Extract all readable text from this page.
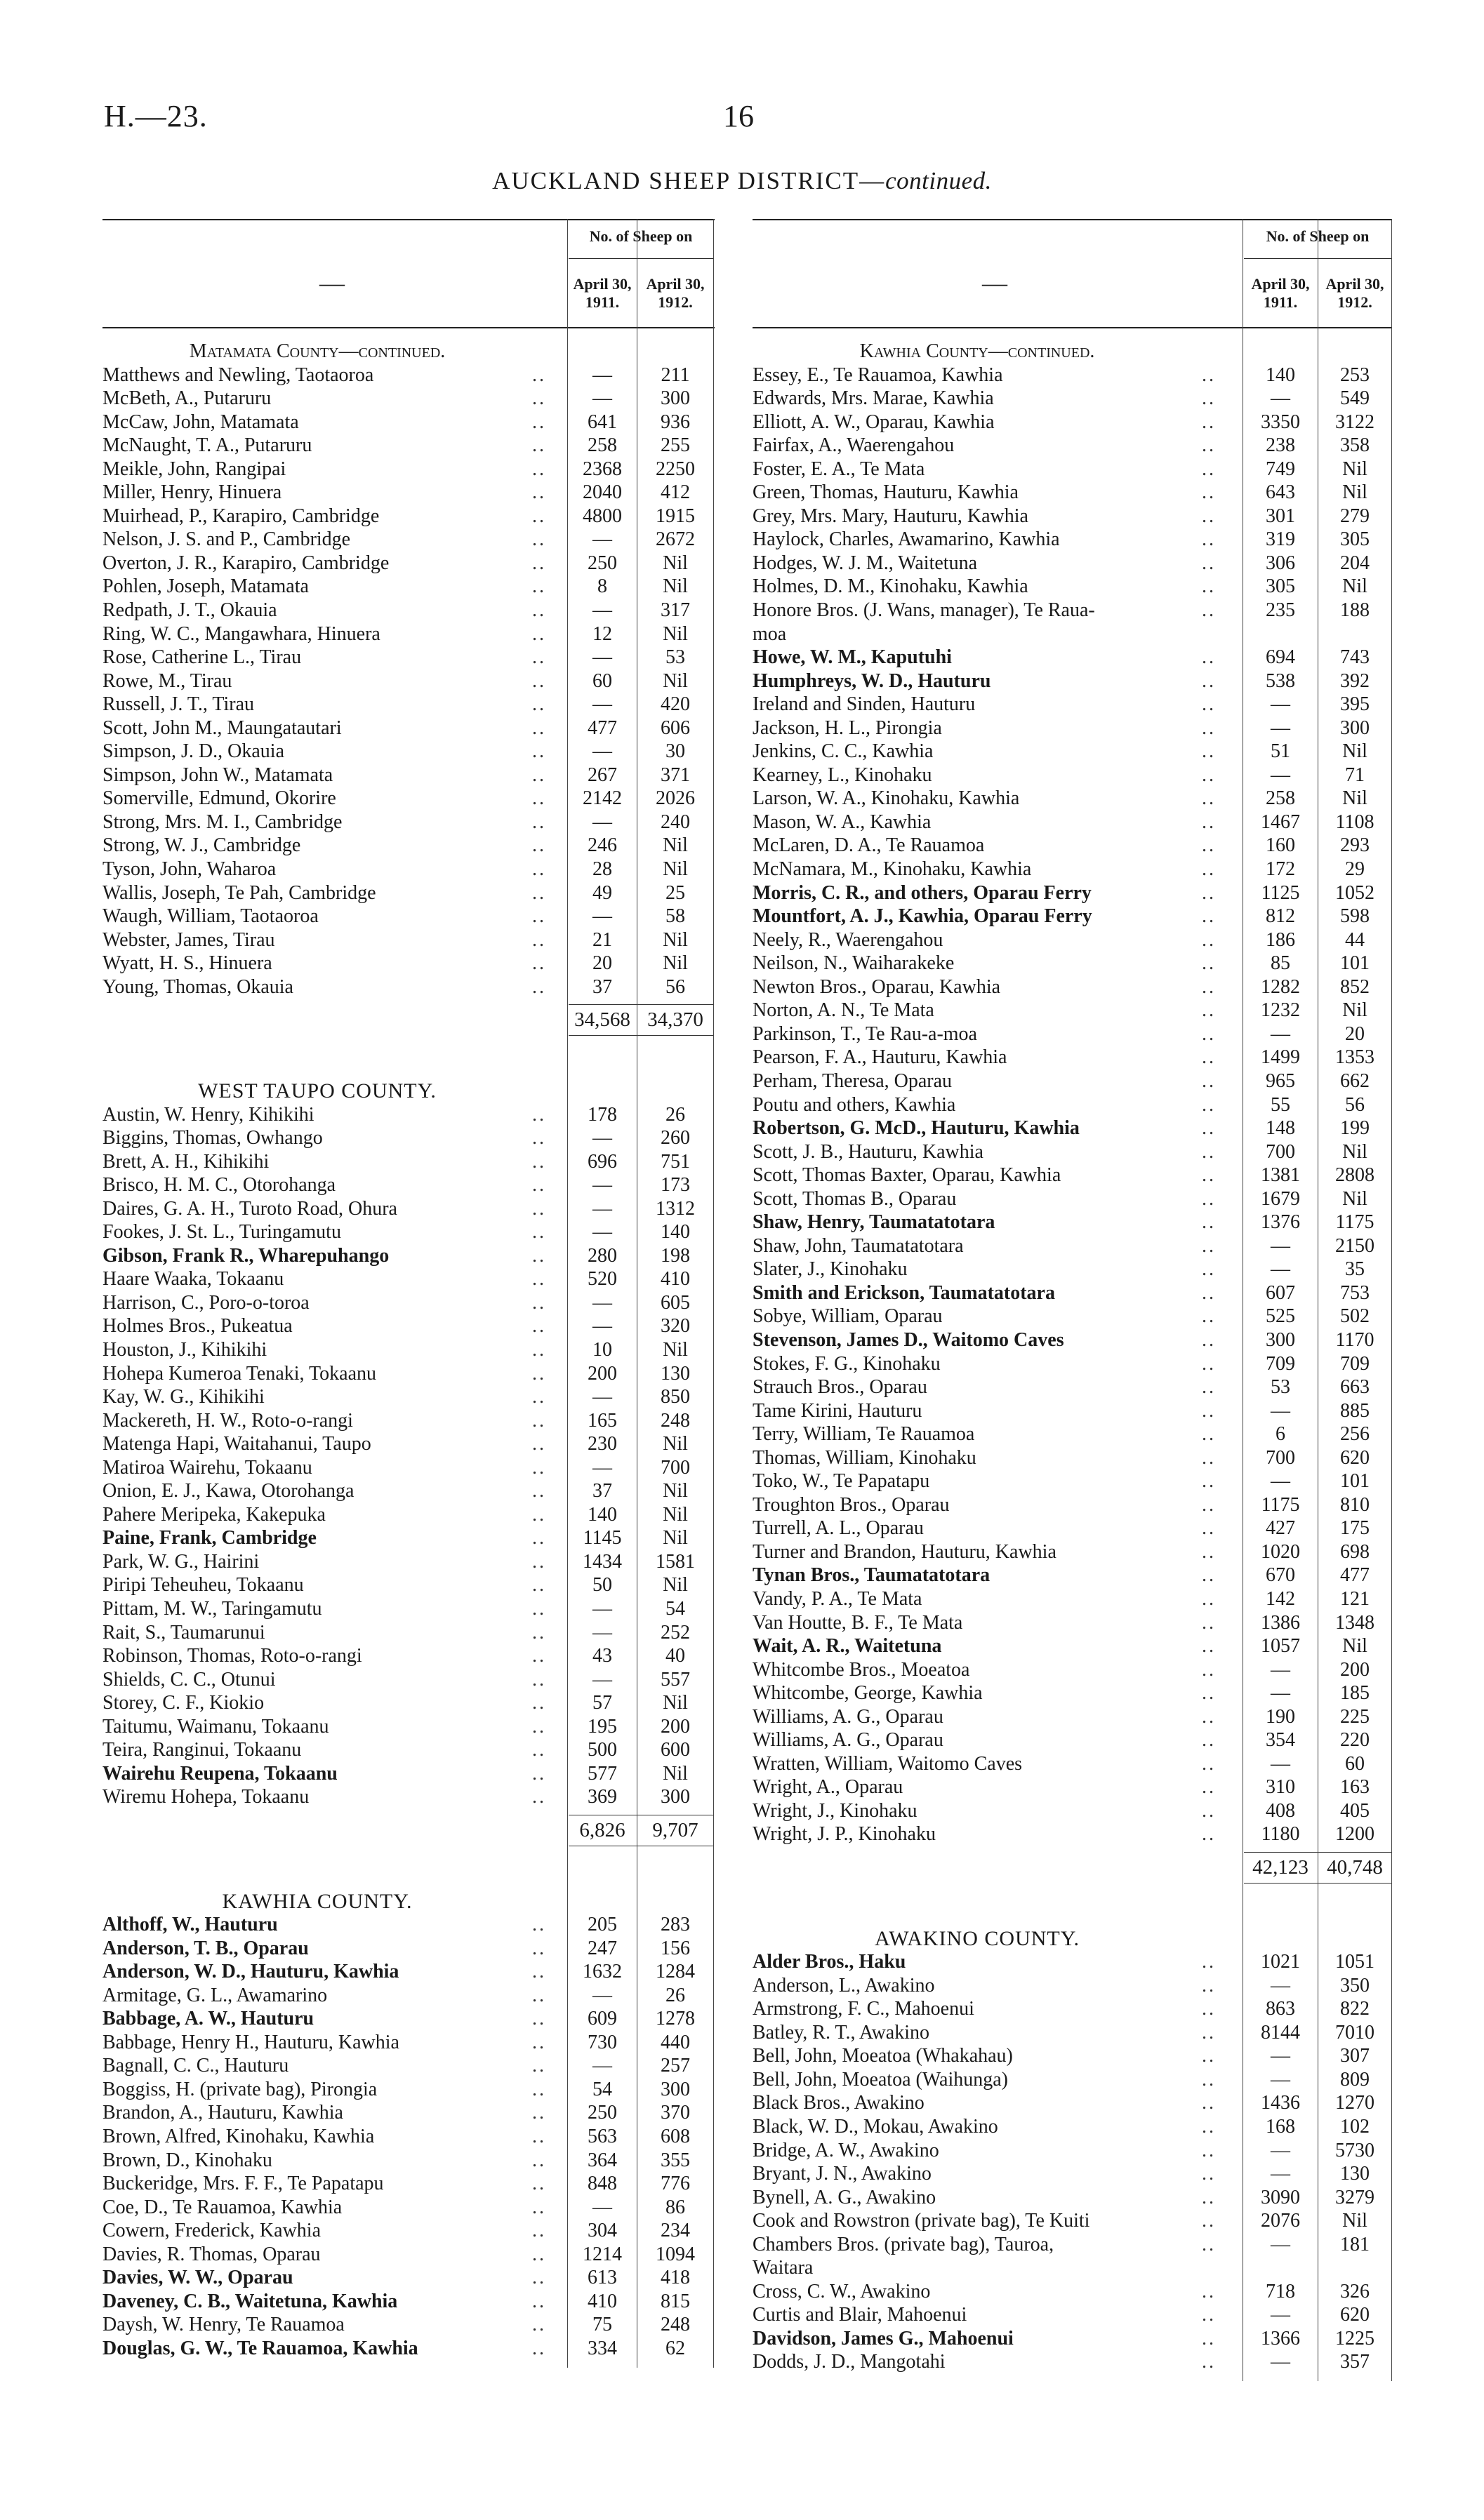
H.—23.	16
AUCKLAND SHEEP DISTRICT—continued.
—
No. of Sheep on
April 30, 1911.
April 30, 1912.
Matamata County—continued.
Matthews and Newling, Taotaoroa	..	—	211
McBeth, A., Putaruru	..	—	300
McCaw, John, Matamata	..	641	936
McNaught, T. A., Putaruru	..	258	255
Meikle, John, Rangipai	..	2368	2250
Miller, Henry, Hinuera	..	2040	412
Muirhead, P., Karapiro, Cambridge	..	4800	1915
Nelson, J. S. and P., Cambridge	..	—	2672
Overton, J. R., Karapiro, Cambridge	..	250	Nil
Pohlen, Joseph, Matamata	..	8	Nil
Redpath, J. T., Okauia	..	—	317
Ring, W. C., Mangawhara, Hinuera	..	12	Nil
Rose, Catherine L., Tirau	..	—	53
Rowe, M., Tirau	..	60	Nil
Russell, J. T., Tirau	..	—	420
Scott, John M., Maungatautari	..	477	606
Simpson, J. D., Okauia	..	—	30
Simpson, John W., Matamata	..	267	371
Somerville, Edmund, Okorire	..	2142	2026
Strong, Mrs. M. I., Cambridge	..	—	240
Strong, W. J., Cambridge	..	246	Nil
Tyson, John, Waharoa	..	28	Nil
Wallis, Joseph, Te Pah, Cambridge	..	49	25
Waugh, William, Taotaoroa	..	—	58
Webster, James, Tirau	..	21	Nil
Wyatt, H. S., Hinuera	..	20	Nil
Young, Thomas, Okauia	..	37	56
34,568 34,370
WEST TAUPO COUNTY.
Austin, W. Henry, Kihikihi	..	178	26
Biggins, Thomas, Owhango	..	—	260
Brett, A. H., Kihikihi	..	696	751
Brisco, H. M. C., Otorohanga	..	—	173
Daires, G. A. H., Turoto Road, Ohura	..	—	1312
Fookes, J. St. L., Turingamutu	..	—	140
Gibson, Frank R., Wharepuhango	..	280	198
Haare Waaka, Tokaanu	..	520	410
Harrison, C., Poro-o-toroa	..	—	605
Holmes Bros., Pukeatua	..	—	320
Houston, J., Kihikihi	..	10	Nil
Hohepa Kumeroa Tenaki, Tokaanu	..	200	130
Kay, W. G., Kihikihi	..	—	850
Mackereth, H. W., Roto-o-rangi	..	165	248
Matenga Hapi, Waitahanui, Taupo	..	230	Nil
Matiroa Wairehu, Tokaanu	..	—	700
Onion, E. J., Kawa, Otorohanga	..	37	Nil
Pahere Meripeka, Kakepuka	..	140	Nil
Paine, Frank, Cambridge	..	1145	Nil
Park, W. G., Hairini	..	1434	1581
Piripi Teheuheu, Tokaanu	..	50	Nil
Pittam, M. W., Taringamutu	..	—	54
Rait, S., Taumarunui	..	—	252
Robinson, Thomas, Roto-o-rangi	..	43	40
Shields, C. C., Otunui	..	—	557
Storey, C. F., Kiokio	..	57	Nil
Taitumu, Waimanu, Tokaanu	..	195	200
Teira, Ranginui, Tokaanu	..	500	600
Wairehu Reupena, Tokaanu	..	577	Nil
Wiremu Hohepa, Tokaanu	..	369	300
6,826	9,707
KAWHIA COUNTY.
Althoff, W., Hauturu	..	205	283
Anderson, T. B., Oparau	..	247	156
Anderson, W. D., Hauturu, Kawhia	..	1632	1284
Armitage, G. L., Awamarino	..	—	26
Babbage, A. W., Hauturu	..	609	1278
Babbage, Henry H., Hauturu, Kawhia	..	730	440
Bagnall, C. C., Hauturu	..	—	257
Boggiss, H. (private bag), Pirongia	..	54	300
Brandon, A., Hauturu, Kawhia	..	250	370
Brown, Alfred, Kinohaku, Kawhia	..	563	608
Brown, D., Kinohaku	..	364	355
Buckeridge, Mrs. F. F., Te Papatapu	..	848	776
Coe, D., Te Rauamoa, Kawhia	..	—	86
Cowern, Frederick, Kawhia	..	304	234
Davies, R. Thomas, Oparau	..	1214	1094
Davies, W. W., Oparau	..	613	418
Daveney, C. B., Waitetuna, Kawhia	..	410	815
Daysh, W. Henry, Te Rauamoa	..	75	248
Douglas, G. W., Te Rauamoa, Kawhia	..	334	62
—
No. of Sheep on
April 30, 1911.
April 30, 1912.
Kawhia County—continued.
Essey, E., Te Rauamoa, Kawhia	..	140	253
Edwards, Mrs. Marae, Kawhia	..	—	549
Elliott, A. W., Oparau, Kawhia	..	3350	3122
Fairfax, A., Waerengahou	..	238	358
Foster, E. A., Te Mata	..	749	Nil
Green, Thomas, Hauturu, Kawhia	..	643	Nil
Grey, Mrs. Mary, Hauturu, Kawhia	..	301	279
Haylock, Charles, Awamarino, Kawhia	..	319	305
Hodges, W. J. M., Waitetuna	..	306	204
Holmes, D. M., Kinohaku, Kawhia	..	305	Nil
Honore Bros. (J. Wans, manager), Te Raua-	..	235	188
moa
Howe, W. M., Kaputuhi	..	694	743
Humphreys, W. D., Hauturu	..	538	392
Ireland and Sinden, Hauturu	..	—	395
Jackson, H. L., Pirongia	..	—	300
Jenkins, C. C., Kawhia	..	51	Nil
Kearney, L., Kinohaku	..	—	71
Larson, W. A., Kinohaku, Kawhia	..	258	Nil
Mason, W. A., Kawhia	..	1467	1108
McLaren, D. A., Te Rauamoa	..	160	293
McNamara, M., Kinohaku, Kawhia	..	172	29
Morris, C. R., and others, Oparau Ferry	..	1125	1052
Mountfort, A. J., Kawhia, Oparau Ferry	..	812	598
Neely, R., Waerengahou	..	186	44
Neilson, N., Waiharakeke	..	85	101
Newton Bros., Oparau, Kawhia	..	1282	852
Norton, A. N., Te Mata	..	1232	Nil
Parkinson, T., Te Rau-a-moa	..	—	20
Pearson, F. A., Hauturu, Kawhia	..	1499	1353
Perham, Theresa, Oparau	..	965	662
Poutu and others, Kawhia	..	55	56
Robertson, G. McD., Hauturu, Kawhia	..	148	199
Scott, J. B., Hauturu, Kawhia	..	700	Nil
Scott, Thomas Baxter, Oparau, Kawhia	..	1381	2808
Scott, Thomas B., Oparau	..	1679	Nil
Shaw, Henry, Taumatatotara	..	1376	1175
Shaw, John, Taumatatotara	..	—	2150
Slater, J., Kinohaku	..	—	35
Smith and Erickson, Taumatatotara	..	607	753
Sobye, William, Oparau	..	525	502
Stevenson, James D., Waitomo Caves	..	300	1170
Stokes, F. G., Kinohaku	..	709	709
Strauch Bros., Oparau	..	53	663
Tame Kirini, Hauturu	..	—	885
Terry, William, Te Rauamoa	..	6	256
Thomas, William, Kinohaku	..	700	620
Toko, W., Te Papatapu	..	—	101
Troughton Bros., Oparau	..	1175	810
Turrell, A. L., Oparau	..	427	175
Turner and Brandon, Hauturu, Kawhia	..	1020	698
Tynan Bros., Taumatatotara	..	670	477
Vandy, P. A., Te Mata	..	142	121
Van Houtte, B. F., Te Mata	..	1386	1348
Wait, A. R., Waitetuna	..	1057	Nil
Whitcombe Bros., Moeatoa	..	—	200
Whitcombe, George, Kawhia	..	—	185
Williams, A. G., Oparau	..	190	225
Williams, A. G., Oparau	..	354	220
Wratten, William, Waitomo Caves	..	—	60
Wright, A., Oparau	..	310	163
Wright, J., Kinohaku	..	408	405
Wright, J. P., Kinohaku	..	1180	1200
42,123 40,748
AWAKINO COUNTY.
Alder Bros., Haku	..	1021	1051
Anderson, L., Awakino	..	—	350
Armstrong, F. C., Mahoenui	..	863	822
Batley, R. T., Awakino	..	8144	7010
Bell, John, Moeatoa (Whakahau)	..	—	307
Bell, John, Moeatoa (Waihunga)	..	—	809
Black Bros., Awakino	..	1436	1270
Black, W. D., Mokau, Awakino	..	168	102
Bridge, A. W., Awakino	..	—	5730
Bryant, J. N., Awakino	..	—	130
Bynell, A. G., Awakino	..	3090	3279
Cook and Rowstron (private bag), Te Kuiti	..	2076	Nil
Chambers Bros. (private bag), Tauroa,	..	—	181
Waitara
Cross, C. W., Awakino	..	718	326
Curtis and Blair, Mahoenui	..	—	620
Davidson, James G., Mahoenui	..	1366	1225
Dodds, J. D., Mangotahi	..	—	357
